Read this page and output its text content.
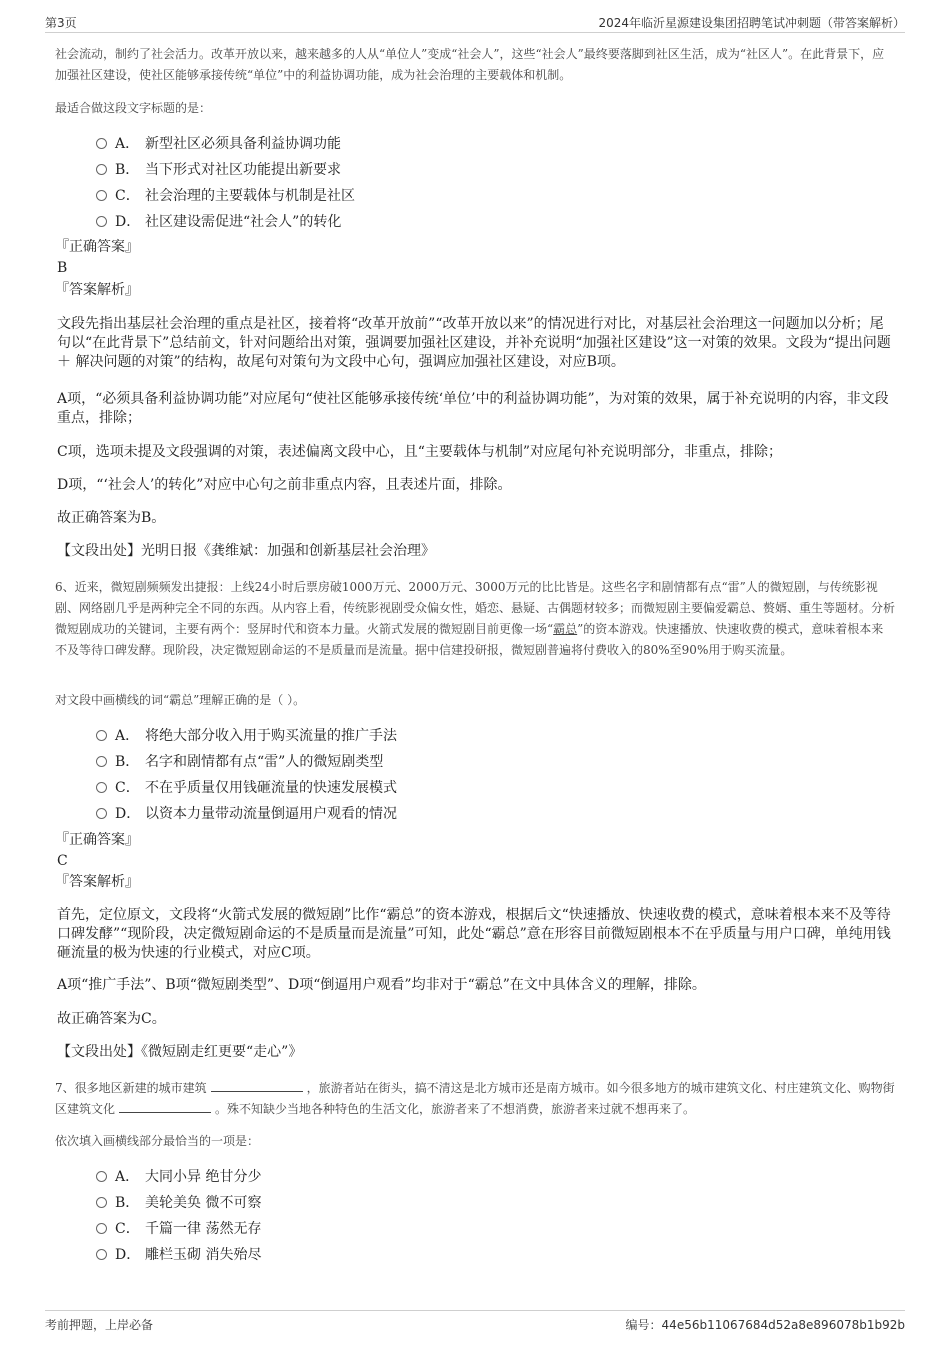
第3页	2024年临沂星源建设集团招聘笔试冲刺题（带答案解析）
社会流动，制约了社会活力。改革开放以来，越来越多的人从“单位人”变成“社会人”，这些“社会人”最终要落脚到社区生活，成为“社区人”。在此背景下，应加强社区建设，使社区能够承接传统“单位”中的利益协调功能，成为社会治理的主要载体和机制。
最适合做这段文字标题的是：
A． 新型社区必须具备利益协调功能
B． 当下形式对社区功能提出新要求
C． 社会治理的主要载体与机制是社区
D． 社区建设需促进“社会人”的转化
『正确答案』
B
『答案解析』
文段先指出基层社会治理的重点是社区，接着将“改革开放前”“改革开放以来”的情况进行对比，对基层社会治理这一问题加以分析；尾句以“在此背景下”总结前文，针对问题给出对策，强调要加强社区建设，并补充说明“加强社区建设”这一对策的效果。文段为“提出问题 ＋ 解决问题的对策”的结构，故尾句对策句为文段中心句，强调应加强社区建设，对应B项。
A项，“必须具备利益协调功能”对应尾句“使社区能够承接传统‘单位’中的利益协调功能”，为对策的效果，属于补充说明的内容，非文段重点，排除；
C项，选项未提及文段强调的对策，表述偏离文段中心，且“主要载体与机制”对应尾句补充说明部分，非重点，排除；
D项，“‘社会人’的转化”对应中心句之前非重点内容，且表述片面，排除。
故正确答案为B。
【文段出处】光明日报《龚维斌：加强和创新基层社会治理》
6、近来，微短剧频频发出捷报：上线24小时后票房破1000万元、2000万元、3000万元的比比皆是。这些名字和剧情都有点“雷”人的微短剧，与传统影视剧、网络剧几乎是两种完全不同的东西。从内容上看，传统影视剧受众偏女性，婚恋、悬疑、古偶题材较多；而微短剧主要偏爱霸总、赘婿、重生等题材。分析微短剧成功的关键词，主要有两个：竖屏时代和资本力量。火箭式发展的微短剧目前更像一场“霸总”的资本游戏。快速播放、快速收费的模式，意味着根本来不及等待口碑发酵。现阶段，决定微短剧命运的不是质量而是流量。据中信建投研报，微短剧普遍将付费收入的80%至90%用于购买流量。
对文段中画横线的词“霸总”理解正确的是（ ）。
A． 将绝大部分收入用于购买流量的推广手法
B． 名字和剧情都有点“雷”人的微短剧类型
C． 不在乎质量仅用钱砸流量的快速发展模式
D． 以资本力量带动流量倒逼用户观看的情况
『正确答案』
C
『答案解析』
首先，定位原文，文段将“火箭式发展的微短剧”比作“霸总”的资本游戏，根据后文“快速播放、快速收费的模式，意味着根本来不及等待口碑发酵”“现阶段，决定微短剧命运的不是质量而是流量”可知，此处“霸总”意在形容目前微短剧根本不在乎质量与用户口碑，单纯用钱砸流量的极为快速的行业模式，对应C项。
A项“推广手法”、B项“微短剧类型”、D项“倒逼用户观看”均非对于“霸总”在文中具体含义的理解，排除。
故正确答案为C。
【文段出处】《微短剧走红更要“走心”》
7、很多地区新建的城市建筑	，旅游者站在街头，搞不清这是北方城市还是南方城市。如今很多地方的城市建筑文化、村庄建筑文化、购物街区建筑文化	。殊不知缺少当地各种特色的生活文化，旅游者来了不想消费，旅游者来过就不想再来了。
依次填入画横线部分最恰当的一项是：
A． 大同小异 绝甘分少
B． 美轮美奂 微不可察
C． 千篇一律 荡然无存
D． 雕栏玉砌 消失殆尽
考前押题，上岸必备	编号：44e56b11067684d52a8e896078b1b92b
